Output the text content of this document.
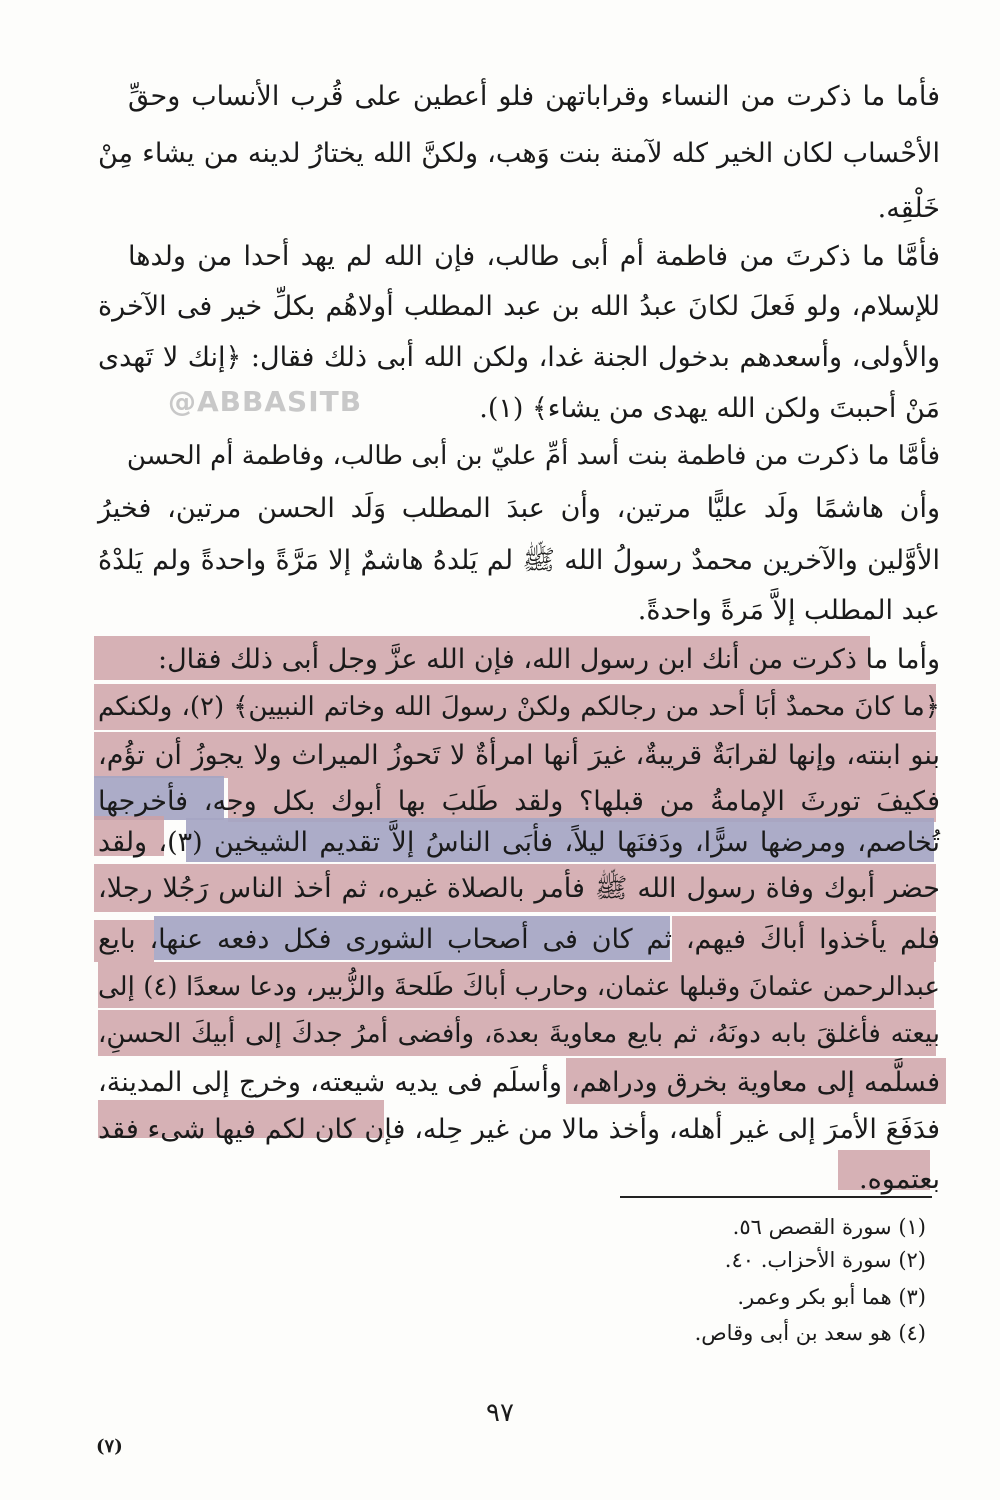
@ABBASITB
فأما ما ذكرت من النساء وقراباتهن فلو أعطين على قُرب الأنساب وحقِّ
الأحْساب لكان الخير كله لآمنة بنت وَهب، ولكنَّ الله يختارُ لدينه من يشاء مِنْ
خَلْقِه.
فأمَّا ما ذكرتَ من فاطمة أم أبى طالب، فإن الله لم يهد أحدا من ولدها
للإسلام، ولو فَعلَ لكانَ عبدُ الله بن عبد المطلب أولاهُم بكلِّ خير فى الآخرة
والأولى، وأسعدهم بدخول الجنة غدا، ولكن الله أبى ذلك فقال: ﴿إنك لا تَهدى
مَنْ أحببتَ ولكن الله يهدى من يشاء﴾ (١).
فأمَّا ما ذكرت من فاطمة بنت أسد أمِّ عليّ بن أبى طالب، وفاطمة أم الحسن
وأن هاشمًا ولَد عليًّا مرتين، وأن عبدَ المطلب وَلَد الحسن مرتين، فخيرُ
الأوَّلين والآخرين محمدٌ رسولُ الله ﷺ لم يَلدهُ هاشمٌ إلا مَرَّةً واحدةً ولم يَلدْهُ
عبد المطلب إلاَّ مَرةً واحدةً.
وأما ما ذكرت من أنك ابن رسول الله، فإن الله عزَّ وجل أبى ذلك فقال:
﴿ما كانَ محمدٌ أبَا أحد من رجالكم ولكنْ رسولَ الله وخاتم النبيين﴾ (٢)، ولكنكم
بنو ابنته، وإنها لقرابَةٌ قريبةٌ، غيرَ أنها امرأةٌ لا تَحوزُ الميراث ولا يجوزُ أن تؤُم،
فكيفَ تورثَ الإمامةُ من قبلها؟ ولقد طَلبَ بها أبوك بكل وجه، فأخرجها
تُخاصم، ومرضها سرًّا، ودَفنَها ليلاً، فأبَى الناسُ إلاَّ تقديم الشيخين (٣)، ولقد
حضر أبوك وفاة رسول الله ﷺ فأمر بالصلاة غيره، ثم أخذ الناس رَجُلا رجلا،
فلم يأخذوا أباكَ فيهم، ثم كان فى أصحاب الشورى فكل دفعه عنها، بايع
عبدالرحمن عثمانَ وقبلها عثمان، وحارب أباكَ طَلحةَ والزُّبير، ودعا سعدًا (٤) إلى
بيعته فأغلقَ بابه دونَهُ، ثم بايع معاويةَ بعدهَ، وأفضى أمرُ جدكَ إلى أبيكَ الحسنِ،
فسلَّمه إلى معاوية بخرق ودراهم، وأسلَم فى يديه شيعته، وخرج إلى المدينة،
فدَفَعَ الأمرَ إلى غير أهله، وأخذ مالا من غير حِله، فإن كان لكم فيها شىء فقد
بعتموه.
(١) سورة القصص ٥٦.
(٢) سورة الأحزاب. ٤٠.
(٣) هما أبو بكر وعمر.
(٤) هو سعد بن أبى وقاص.
٩٧
(٧)
